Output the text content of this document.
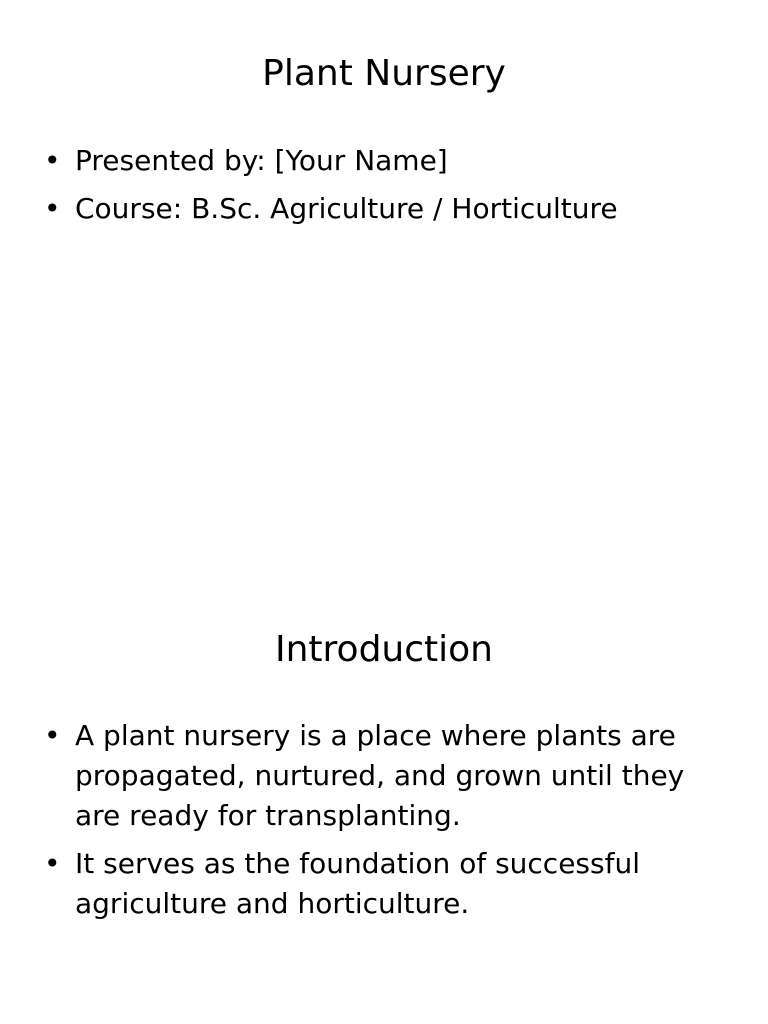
Plant Nursery
• Presented by: [Your Name]
• Course: B.Sc. Agriculture / Horticulture
Introduction
• A plant nursery is a place where plants are propagated, nurtured, and grown until they are ready for transplanting.
• It serves as the foundation of successful agriculture and horticulture.
